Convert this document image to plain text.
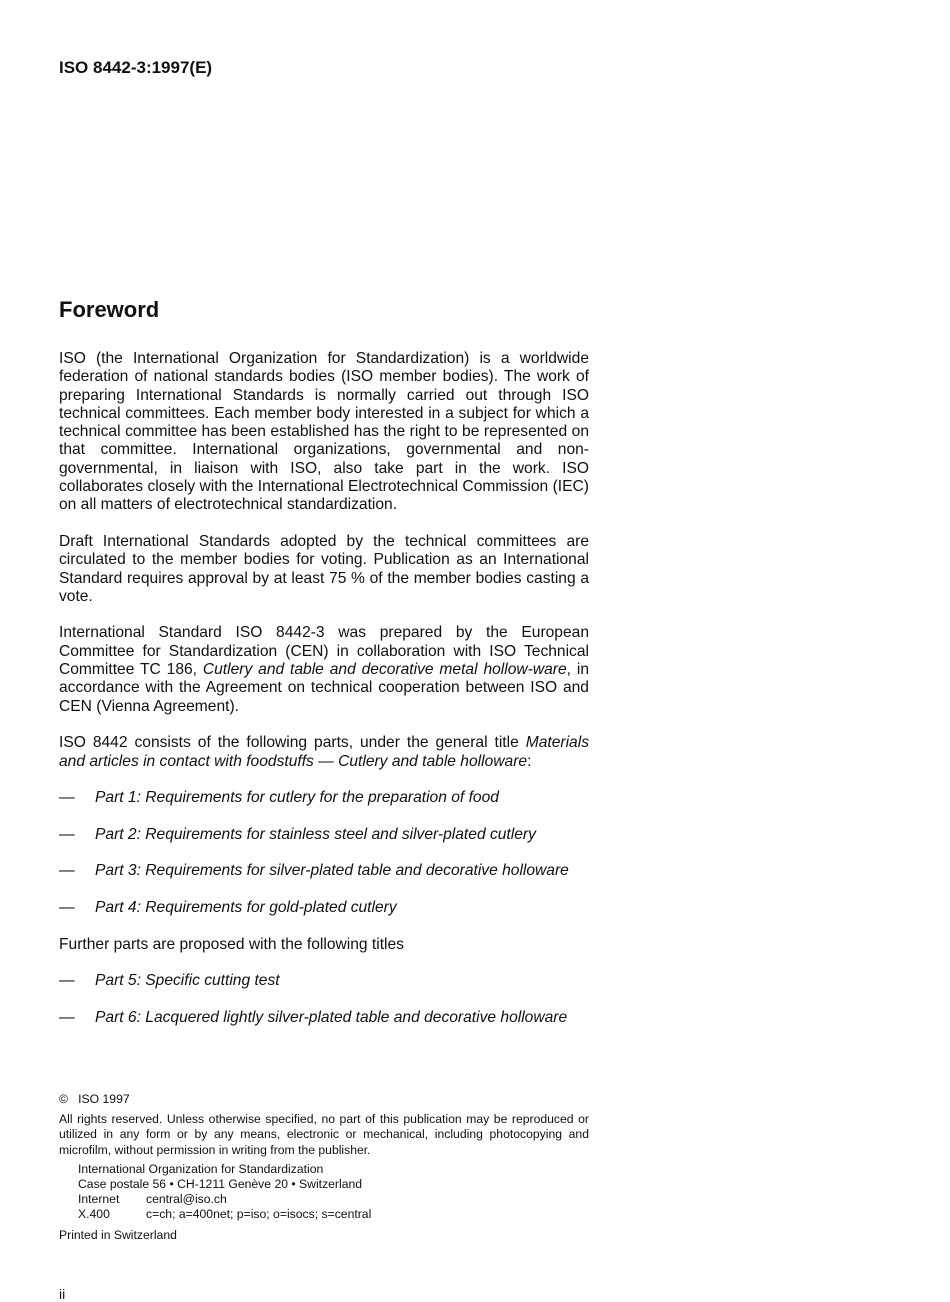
ISO 8442-3:1997(E)
Foreword

ISO (the International Organization for Standardization) is a worldwide federation of national standards bodies (ISO member bodies). The work of preparing International Standards is normally carried out through ISO technical committees. Each member body interested in a subject for which a technical committee has been established has the right to be represented on that committee. International organizations, governmental and non-governmental, in liaison with ISO, also take part in the work. ISO collaborates closely with the International Electrotechnical Commission (IEC) on all matters of electrotechnical standardization.

Draft International Standards adopted by the technical committees are circulated to the member bodies for voting. Publication as an International Standard requires approval by at least 75 % of the member bodies casting a vote.

International Standard ISO 8442-3 was prepared by the European Committee for Standardization (CEN) in collaboration with ISO Technical Committee TC 186, Cutlery and table and decorative metal hollow-ware, in accordance with the Agreement on technical cooperation between ISO and CEN (Vienna Agreement).

ISO 8442 consists of the following parts, under the general title Materials and articles in contact with foodstuffs — Cutlery and table holloware:

—	Part 1: Requirements for cutlery for the preparation of food
—	Part 2: Requirements for stainless steel and silver-plated cutlery
—	Part 3: Requirements for silver-plated table and decorative holloware
—	Part 4: Requirements for gold-plated cutlery

Further parts are proposed with the following titles

—	Part 5: Specific cutting test
—	Part 6: Lacquered lightly silver-plated table and decorative holloware
©   ISO 1997
All rights reserved. Unless otherwise specified, no part of this publication may be reproduced or utilized in any form or by any means, electronic or mechanical, including photocopying and microfilm, without permission in writing from the publisher.
International Organization for Standardization
Case postale 56 • CH-1211 Genève 20 • Switzerland
Internet	central@iso.ch
X.400	c=ch; a=400net; p=iso; o=isocs; s=central
Printed in Switzerland
ii
